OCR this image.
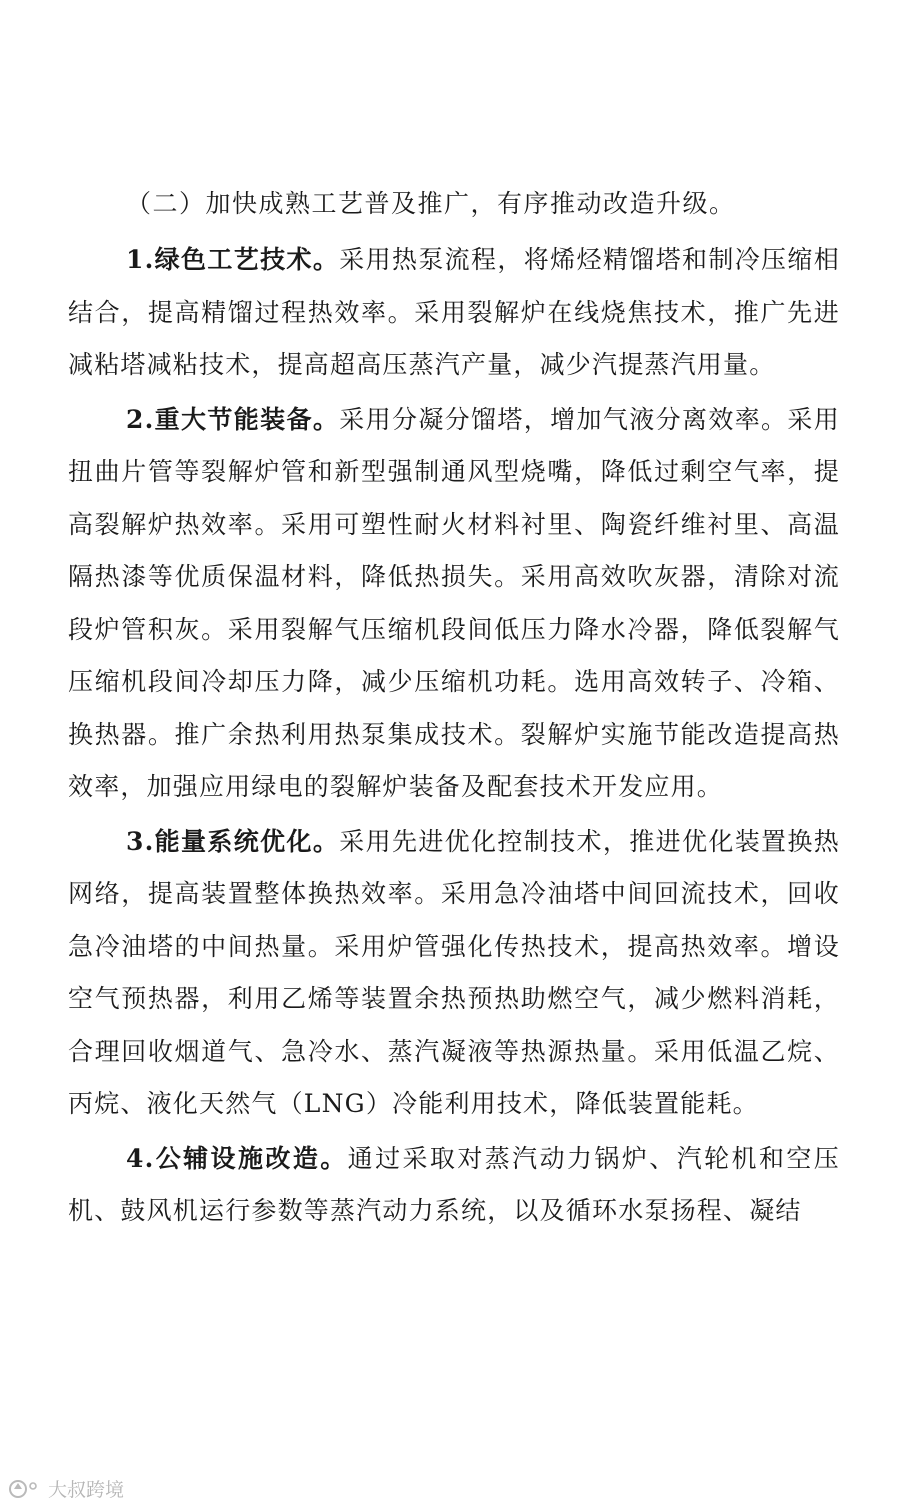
（二）加快成熟工艺普及推广，有序推动改造升级。

1.绿色工艺技术。采用热泵流程，将烯烃精馏塔和制冷压缩相结合，提高精馏过程热效率。采用裂解炉在线烧焦技术，推广先进减粘塔减粘技术，提高超高压蒸汽产量，减少汽提蒸汽用量。

2.重大节能装备。采用分凝分馏塔，增加气液分离效率。采用扭曲片管等裂解炉管和新型强制通风型烧嘴，降低过剩空气率，提高裂解炉热效率。采用可塑性耐火材料衬里、陶瓷纤维衬里、高温隔热漆等优质保温材料，降低热损失。采用高效吹灰器，清除对流段炉管积灰。采用裂解气压缩机段间低压力降水冷器，降低裂解气压缩机段间冷却压力降，减少压缩机功耗。选用高效转子、冷箱、换热器。推广余热利用热泵集成技术。裂解炉实施节能改造提高热效率，加强应用绿电的裂解炉装备及配套技术开发应用。

3.能量系统优化。采用先进优化控制技术，推进优化装置换热网络，提高装置整体换热效率。采用急冷油塔中间回流技术，回收急冷油塔的中间热量。采用炉管强化传热技术，提高热效率。增设空气预热器，利用乙烯等装置余热预热助燃空气，减少燃料消耗，合理回收烟道气、急冷水、蒸汽凝液等热源热量。采用低温乙烷、丙烷、液化天然气（LNG）冷能利用技术，降低装置能耗。

4.公辅设施改造。通过采取对蒸汽动力锅炉、汽轮机和空压机、鼓风机运行参数等蒸汽动力系统，以及循环水泵扬程、凝结

大叔跨境
